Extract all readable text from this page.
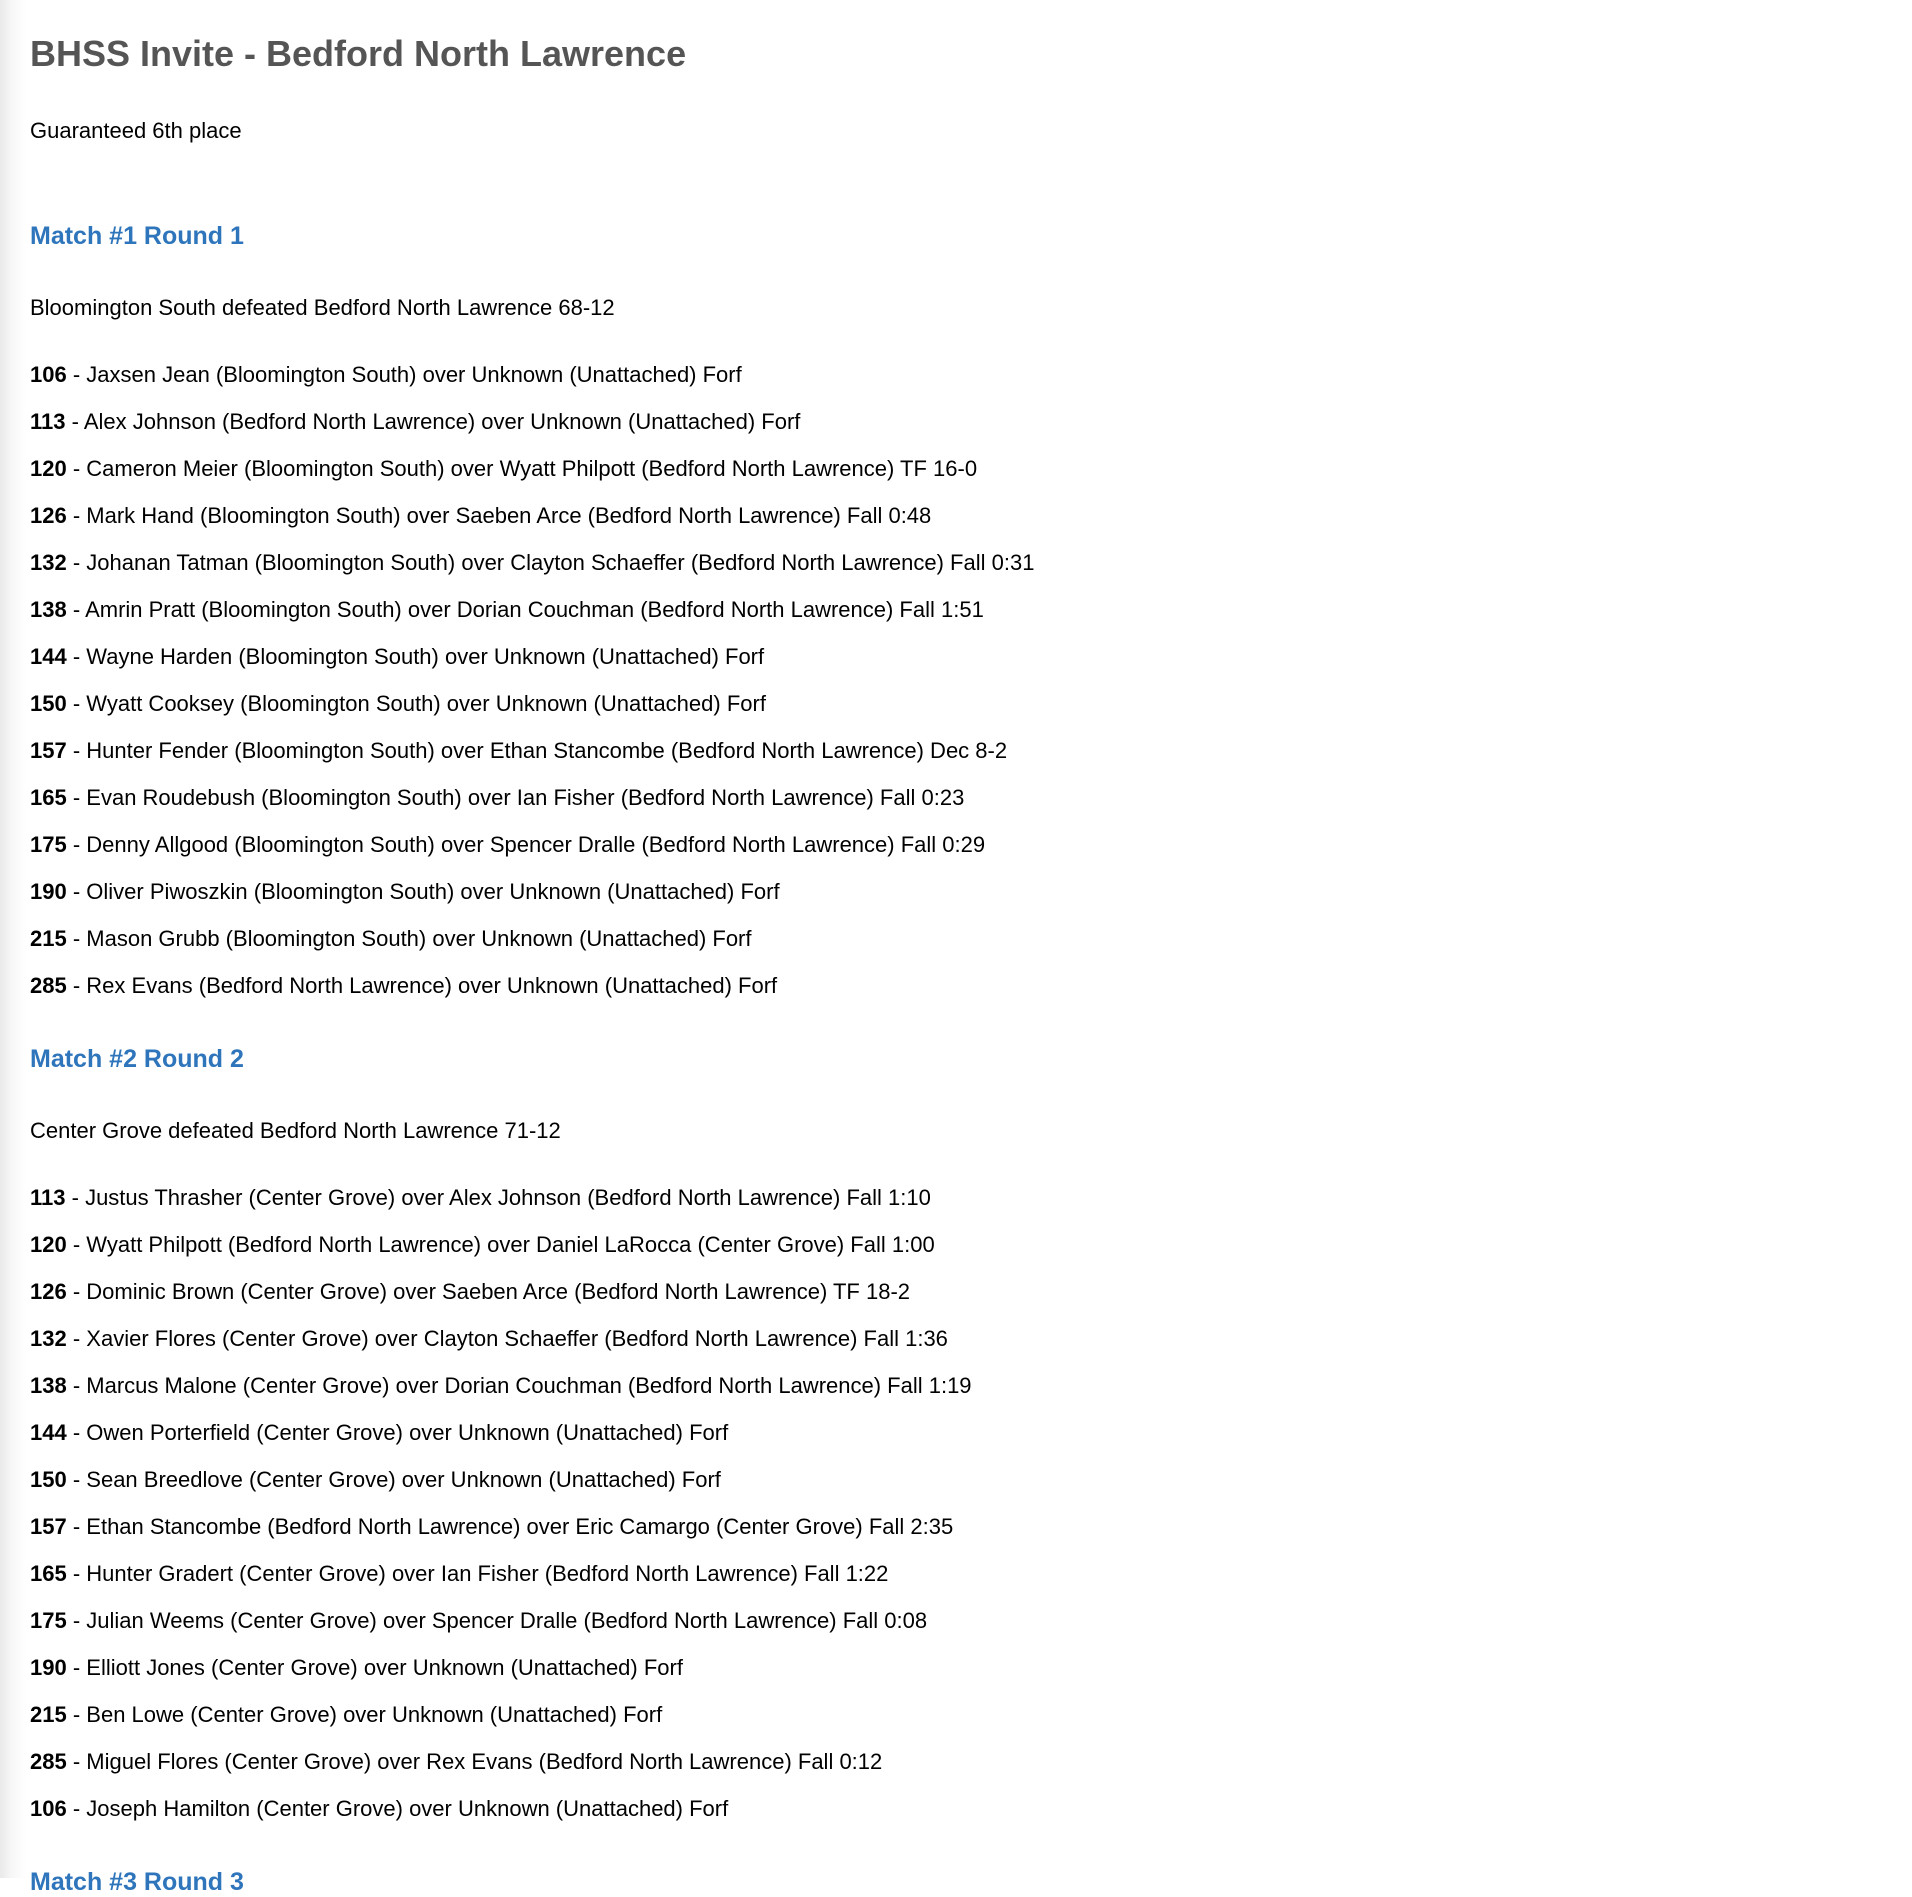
BHSS Invite - Bedford North Lawrence

Guaranteed 6th place

Match #1 Round 1

Bloomington South defeated Bedford North Lawrence 68-12

106 - Jaxsen Jean (Bloomington South) over Unknown (Unattached) Forf

113 - Alex Johnson (Bedford North Lawrence) over Unknown (Unattached) Forf

120 - Cameron Meier (Bloomington South) over Wyatt Philpott (Bedford North Lawrence) TF 16-0

126 - Mark Hand (Bloomington South) over Saeben Arce (Bedford North Lawrence) Fall 0:48

132 - Johanan Tatman (Bloomington South) over Clayton Schaeffer (Bedford North Lawrence) Fall 0:31

138 - Amrin Pratt (Bloomington South) over Dorian Couchman (Bedford North Lawrence) Fall 1:51

144 - Wayne Harden (Bloomington South) over Unknown (Unattached) Forf

150 - Wyatt Cooksey (Bloomington South) over Unknown (Unattached) Forf

157 - Hunter Fender (Bloomington South) over Ethan Stancombe (Bedford North Lawrence) Dec 8-2

165 - Evan Roudebush (Bloomington South) over Ian Fisher (Bedford North Lawrence) Fall 0:23

175 - Denny Allgood (Bloomington South) over Spencer Dralle (Bedford North Lawrence) Fall 0:29

190 - Oliver Piwoszkin (Bloomington South) over Unknown (Unattached) Forf

215 - Mason Grubb (Bloomington South) over Unknown (Unattached) Forf

285 - Rex Evans (Bedford North Lawrence) over Unknown (Unattached) Forf

Match #2 Round 2

Center Grove defeated Bedford North Lawrence 71-12

113 - Justus Thrasher (Center Grove) over Alex Johnson (Bedford North Lawrence) Fall 1:10

120 - Wyatt Philpott (Bedford North Lawrence) over Daniel LaRocca (Center Grove) Fall 1:00

126 - Dominic Brown (Center Grove) over Saeben Arce (Bedford North Lawrence) TF 18-2

132 - Xavier Flores (Center Grove) over Clayton Schaeffer (Bedford North Lawrence) Fall 1:36

138 - Marcus Malone (Center Grove) over Dorian Couchman (Bedford North Lawrence) Fall 1:19

144 - Owen Porterfield (Center Grove) over Unknown (Unattached) Forf

150 - Sean Breedlove (Center Grove) over Unknown (Unattached) Forf

157 - Ethan Stancombe (Bedford North Lawrence) over Eric Camargo (Center Grove) Fall 2:35

165 - Hunter Gradert (Center Grove) over Ian Fisher (Bedford North Lawrence) Fall 1:22

175 - Julian Weems (Center Grove) over Spencer Dralle (Bedford North Lawrence) Fall 0:08

190 - Elliott Jones (Center Grove) over Unknown (Unattached) Forf

215 - Ben Lowe (Center Grove) over Unknown (Unattached) Forf

285 - Miguel Flores (Center Grove) over Rex Evans (Bedford North Lawrence) Fall 0:12

106 - Joseph Hamilton (Center Grove) over Unknown (Unattached) Forf

Match #3 Round 3
